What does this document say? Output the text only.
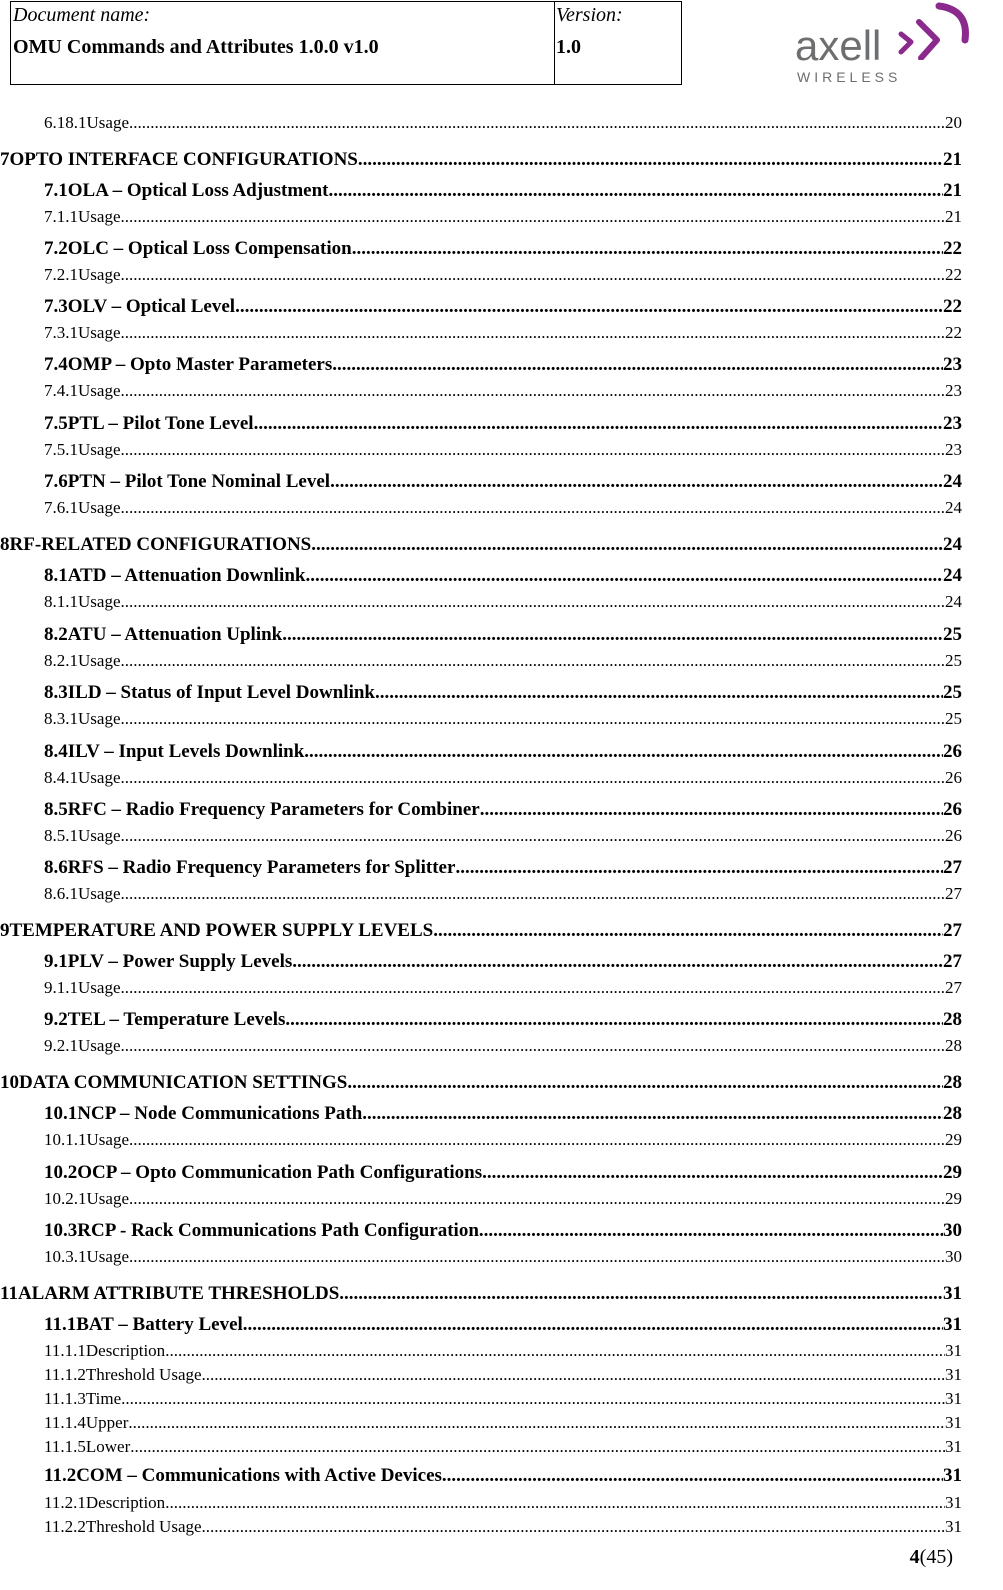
Document name:
OMU Commands and Attributes 1.0.0 v1.0
Version:
1.0	axell
WIRELESS
6.18.1Usage .....	20
7OPTO INTERFACE CONFIGURATIONS .....	21
7.1OLA – Optical Loss Adjustment .....	21
7.1.1Usage .....	21
7.2OLC – Optical Loss Compensation .....	22
7.2.1Usage .....	22
7.3OLV – Optical Level .....	22
7.3.1Usage .....	22
7.4OMP – Opto Master Parameters .....	23
7.4.1Usage .....	23
7.5PTL – Pilot Tone Level .....	23
7.5.1Usage .....	23
7.6PTN – Pilot Tone Nominal Level .....	24
7.6.1Usage .....	24
8RF-RELATED CONFIGURATIONS .....	24
8.1ATD – Attenuation Downlink .....	24
8.1.1Usage .....	24
8.2ATU – Attenuation Uplink .....	25
8.2.1Usage .....	25
8.3ILD – Status of Input Level Downlink .....	25
8.3.1Usage .....	25
8.4ILV – Input Levels Downlink .....	26
8.4.1Usage .....	26
8.5RFC – Radio Frequency Parameters for Combiner .....	26
8.5.1Usage .....	26
8.6RFS – Radio Frequency Parameters for Splitter .....	27
8.6.1Usage .....	27
9TEMPERATURE AND POWER SUPPLY LEVELS .....	27
9.1PLV – Power Supply Levels .....	27
9.1.1Usage .....	27
9.2TEL – Temperature Levels .....	28
9.2.1Usage .....	28
10DATA COMMUNICATION SETTINGS .....	28
10.1NCP – Node Communications Path .....	28
10.1.1Usage .....	29
10.2OCP – Opto Communication Path Configurations .....	29
10.2.1Usage .....	29
10.3RCP - Rack Communications Path Configuration .....	30
10.3.1Usage .....	30
11ALARM ATTRIBUTE THRESHOLDS .....	31
11.1BAT – Battery Level .....	31
11.1.1Description .....	31
11.1.2Threshold Usage .....	31
11.1.3Time .....	31
11.1.4Upper .....	31
11.1.5Lower .....	31
11.2COM – Communications with Active Devices .....	31
11.2.1Description .....	31
11.2.2Threshold Usage .....	31
4(45)
